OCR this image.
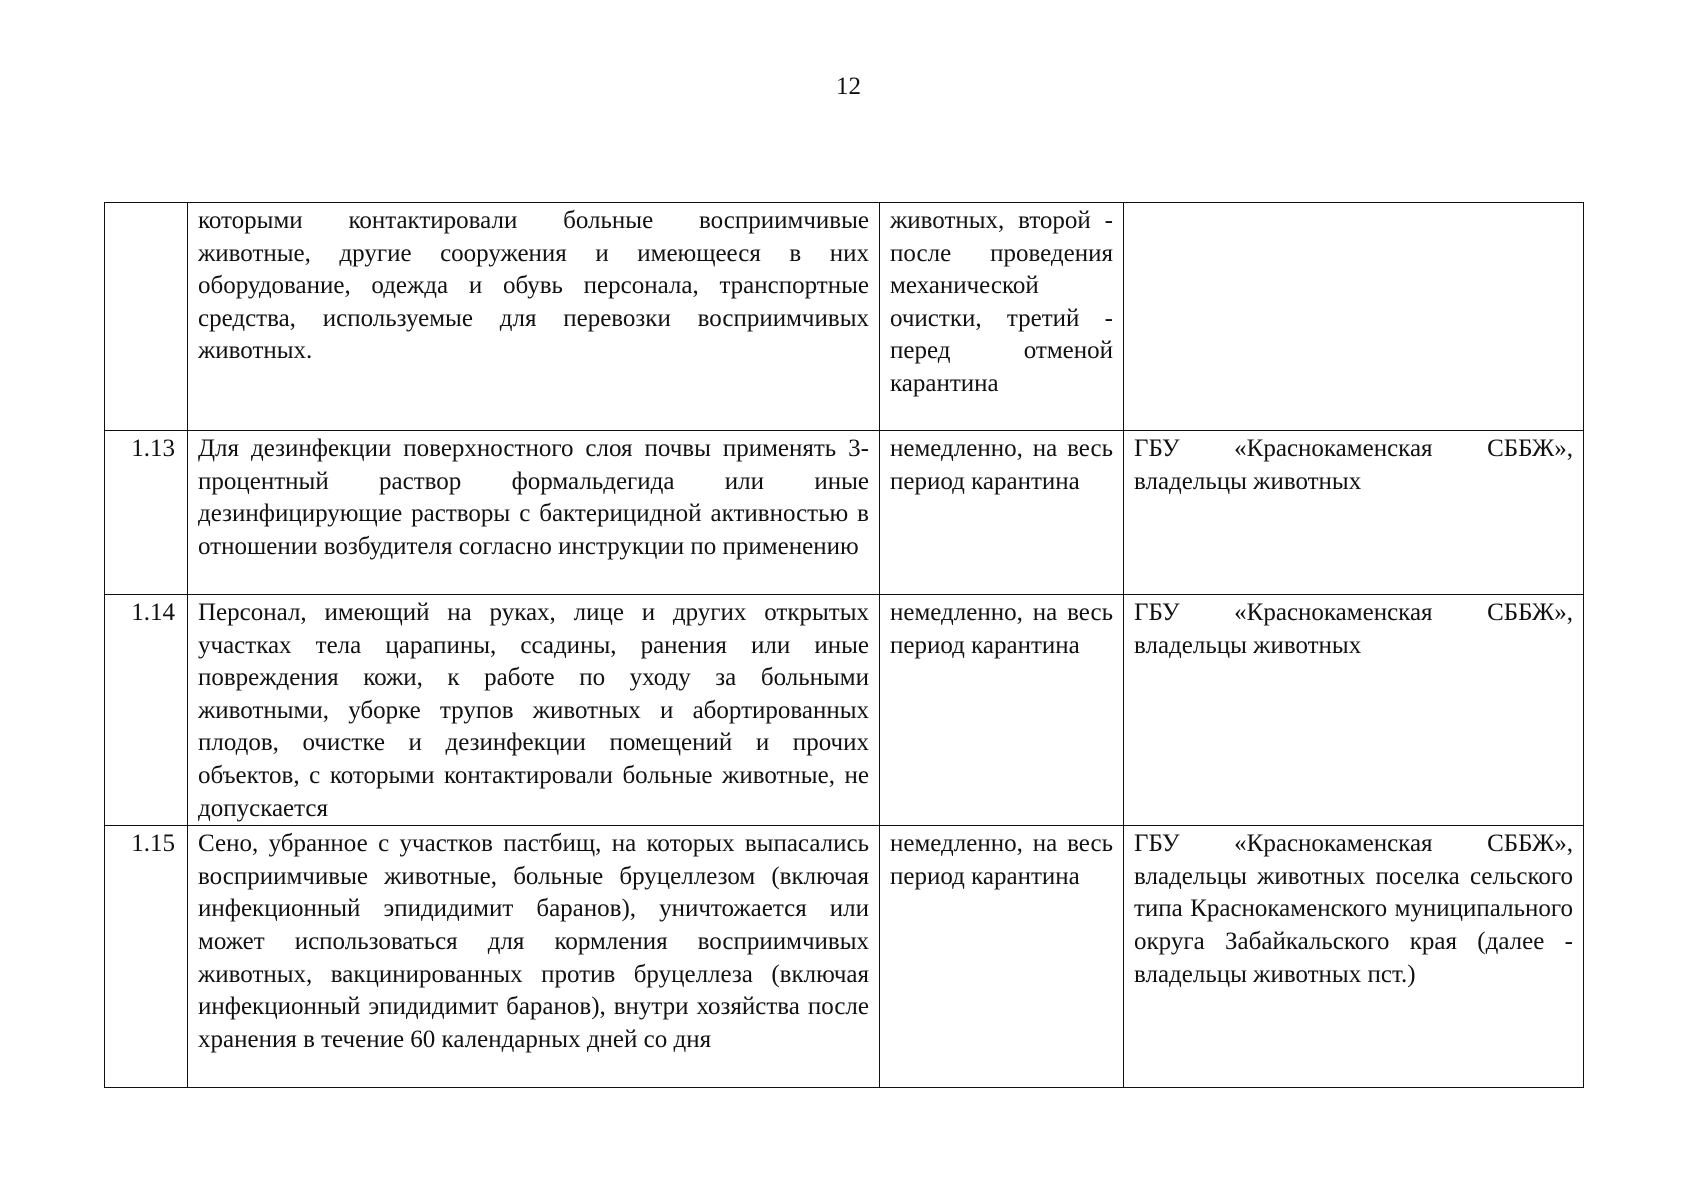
12
	которыми контактировали больные восприимчивые животные, другие сооружения и имеющееся в них оборудование, одежда и обувь персонала, транспортные средства, используемые для перевозки восприимчивых животных.	животных, второй - после проведения механической очистки, третий - перед отменой карантина	
1.13	Для дезинфекции поверхностного слоя почвы применять 3-процентный раствор формальдегида или иные дезинфицирующие растворы с бактерицидной активностью в отношении возбудителя согласно инструкции по применению	немедленно, на весь период карантина	ГБУ «Краснокаменская СББЖ», владельцы животных
1.14	Персонал, имеющий на руках, лице и других открытых участках тела царапины, ссадины, ранения или иные повреждения кожи, к работе по уходу за больными животными, уборке трупов животных и абортированных плодов, очистке и дезинфекции помещений и прочих объектов, с которыми контактировали больные животные, не допускается	немедленно, на весь период карантина	ГБУ «Краснокаменская СББЖ», владельцы животных
1.15	Сено, убранное с участков пастбищ, на которых выпасались восприимчивые животные, больные бруцеллезом (включая инфекционный эпидидимит баранов), уничтожается или может использоваться для кормления восприимчивых животных, вакцинированных против бруцеллеза (включая инфекционный эпидидимит баранов), внутри хозяйства после хранения в течение 60 календарных дней со дня	немедленно, на весь период карантина	ГБУ «Краснокаменская СББЖ», владельцы животных поселка сельского типа Краснокаменского муниципального округа Забайкальского края (далее - владельцы животных пст.)
